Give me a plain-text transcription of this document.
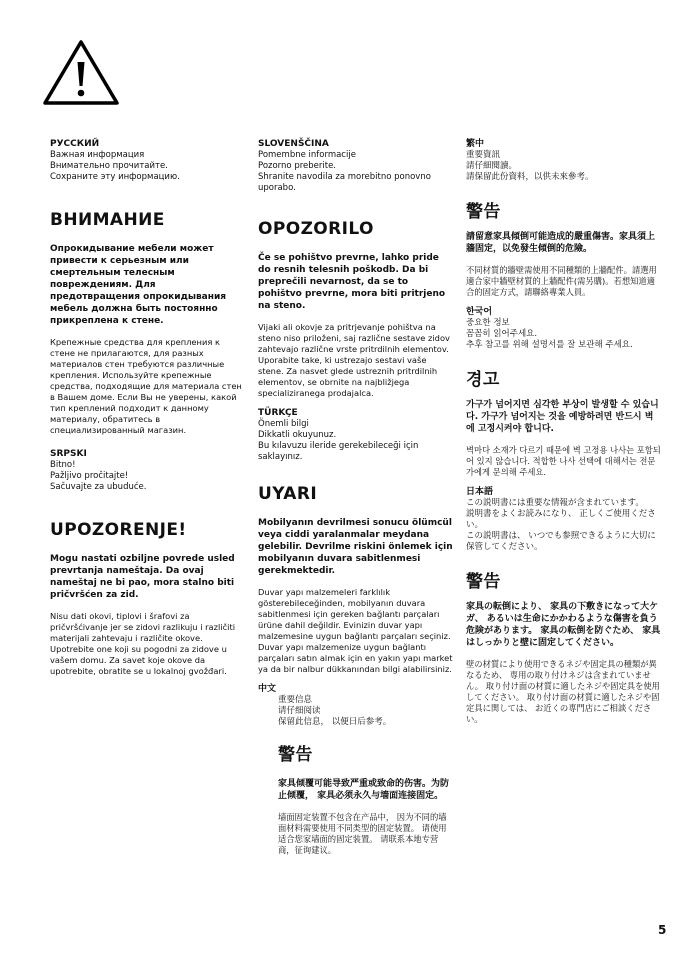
РУССКИЙ

Важная информация
Внимательно прочитайте.
Сохраните эту информацию.

ВНИМАНИЕ

Опрокидывание мебели может привести к серьезным или смертельным телесным повреждениям. Для предотвращения опрокидывания мебель должна быть постоянно прикреплена к стене.

Крепежные средства для крепления к стене не прилагаются, для разных материалов стен требуются различные крепления. Используйте крепежные средства, подходящие для материала стен в Вашем доме. Если Вы не уверены, какой тип креплений подходит к данному материалу, обратитесь в специализированный магазин.

SRPSKI

Bitno!
Pažljivo pročitajte!
Sačuvajte za ubuduće.

UPOZORENJE!

Mogu nastati ozbiljne povrede usled prevrtanja nameštaja. Da ovaj nameštaj ne bi pao, mora stalno biti pričvršćen za zid.

Nisu dati okovi, tiplovi i šrafovi za pričvršćivanje jer se zidovi razlikuju i različiti materijali zahtevaju i različite okove. Upotrebite one koji su pogodni za zidove u vašem domu. Za savet koje okove da upotrebite, obratite se u lokalnoj gvožđari.

SLOVENŠČINA

Pomembne informacije
Pozorno preberite.
Shranite navodila za morebitno ponovno uporabo.

OPOZORILO

Če se pohištvo prevrne, lahko pride do resnih telesnih poškodb. Da bi preprečili nevarnost, da se to pohištvo prevrne, mora biti pritrjeno na steno.

Vijaki ali okovje za pritrjevanje pohištva na steno niso priloženi, saj različne sestave zidov zahtevajo različne vrste pritrdilnih elementov. Uporabite take, ki ustrezajo sestavi vaše stene. Za nasvet glede ustreznih pritrdilnih elementov, se obrnite na najbližjega specializiranega prodajalca.

TÜRKÇE

Önemli bilgi
Dikkatli okuyunuz.
Bu kılavuzu ileride gerekebileceği için saklayınız.

UYARI

Mobilyanın devrilmesi sonucu ölümcül veya ciddi yaralanmalar meydana gelebilir. Devrilme riskini önlemek için mobilyanın duvara sabitlenmesi gerekmektedir.

Duvar yapı malzemeleri farklılık gösterebileceğinden, mobilyanın duvara sabitlenmesi için gereken bağlantı parçaları ürüne dahil değildir. Evinizin duvar yapı malzemesine uygun bağlantı parçaları seçiniz. Duvar yapı malzemenize uygun bağlantı parçaları satın almak için en yakın yapı market ya da bir nalbur dükkanından bilgi alabilirsiniz.

中文

重要信息
请仔细阅读
保留此信息， 以便日后参考。

警告

家具倾覆可能导致严重或致命的伤害。为防止倾覆， 家具必须永久与墙面连接固定。

墙面固定装置不包含在产品中， 因为不同的墙面材料需要使用不同类型的固定装置。 请使用适合您家墙面的固定装置。 请联系本地专营商，征询建议。

繁中

重要資訊
請仔細閱讀。
請保留此份資料，以供未來參考。

警告

請留意家具傾倒可能造成的嚴重傷害。家具須上牆固定，以免發生傾倒的危險。

不同材質的牆壁需使用不同種類的上牆配件。請選用適合家中牆壁材質的上牆配件(需另購)。若想知道適合的固定方式，請聯絡專業人員。

한국어

중요한 정보
꼼꼼히 읽어주세요.
추후 참고를 위해 설명서를 잘 보관해 주세요.

경고

가구가 넘어지면 심각한 부상이 발생할 수 있습니다. 가구가 넘어지는 것을 예방하려면 반드시 벽에 고정시켜야 합니다.

벽마다 소재가 다르기 때문에 벽 고정용 나사는 포함되어 있지 않습니다. 적합한 나사 선택에 대해서는 전문가에게 문의해 주세요.

日本語

この説明書には重要な情報が含まれています。
説明書をよくお読みになり、 正しくご使用ください。
この説明書は、 いつでも参照できるように大切に保管してください。

警告

家具の転倒により、 家具の下敷きになって大ケガ、 あるいは生命にかかわるような傷害を負う危険があります。 家具の転倒を防ぐため、 家具はしっかりと壁に固定してください。

壁の材質により使用できるネジや固定具の種類が異なるため、 専用の取り付けネジは含まれていません。 取り付け面の材質に適したネジや固定具を使用してください。 取り付け面の材質に適したネジや固定具に関しては、 お近くの専門店にご相談ください。

5
